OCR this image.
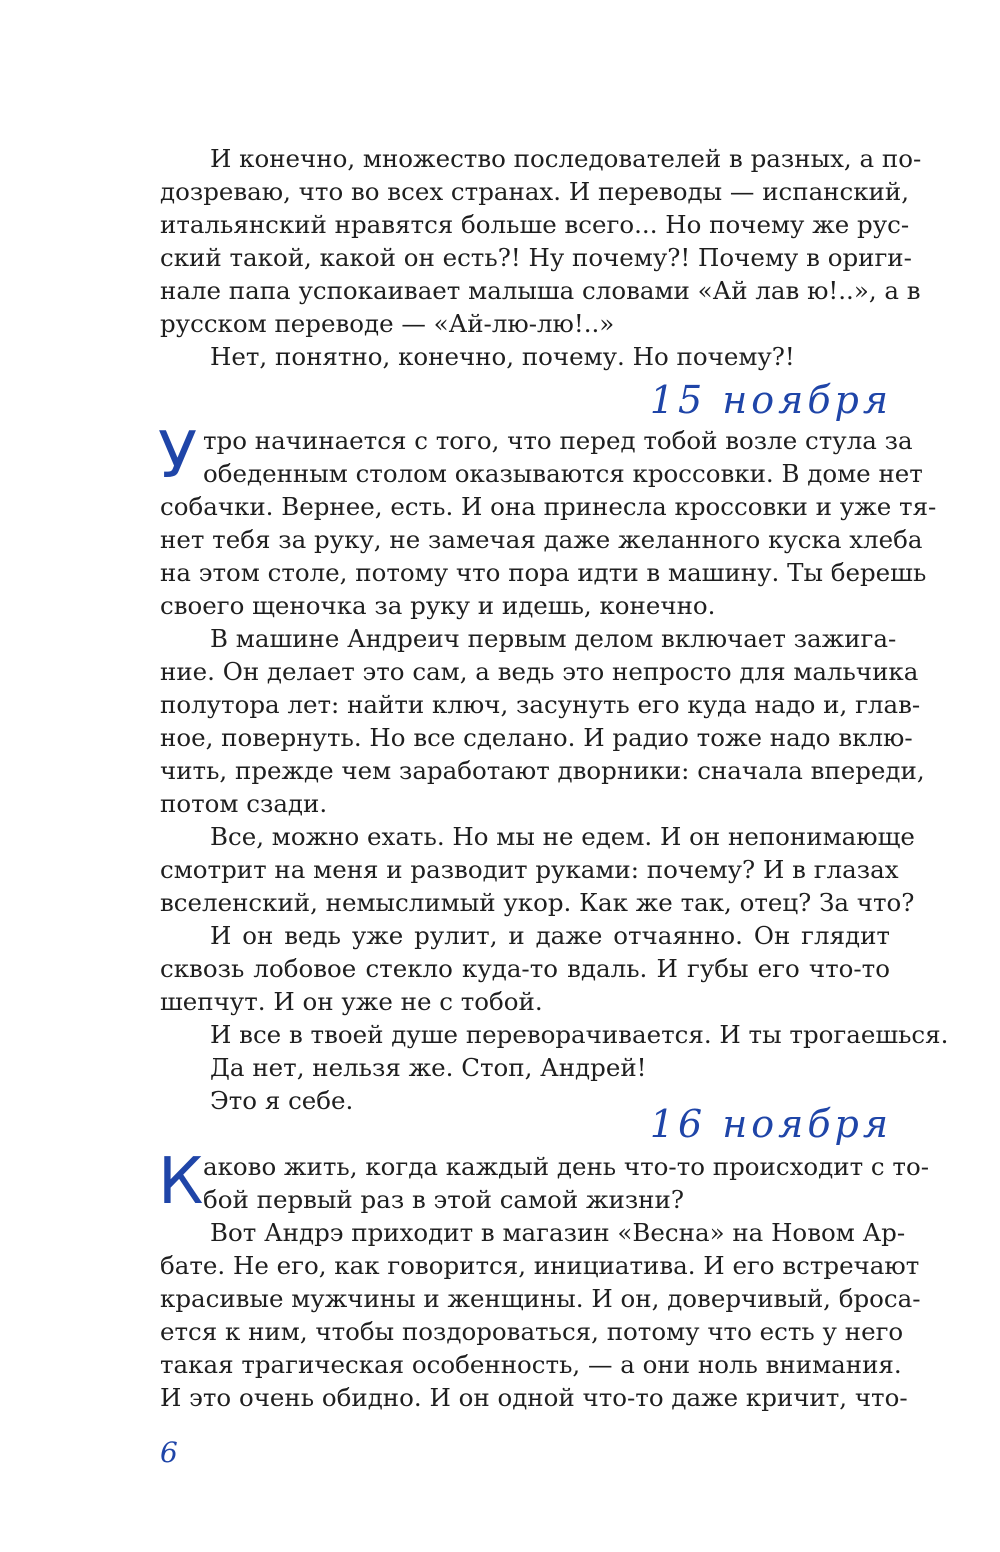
И конечно, множество последователей в разных, а по-
дозреваю, что во всех странах. И переводы — испанский,
итальянский нравятся больше всего... Но почему же рус-
ский такой, какой он есть?! Ну почему?! Почему в ориги-
нале папа успокаивает малыша словами «Ай лав ю!..», а в
русском переводе — «Ай-лю-лю!..»
Нет, понятно, конечно, почему. Но почему?!
15 ноября
У тро начинается с того, что перед тобой возле стула за
обеденным столом оказываются кроссовки. В доме нет
собачки. Вернее, есть. И она принесла кроссовки и уже тя-
нет тебя за руку, не замечая даже желанного куска хлеба
на этом столе, потому что пора идти в машину. Ты берешь
своего щеночка за руку и идешь, конечно.
В машине Андреич первым делом включает зажига-
ние. Он делает это сам, а ведь это непросто для мальчика
полутора лет: найти ключ, засунуть его куда надо и, глав-
ное, повернуть. Но все сделано. И радио тоже надо вклю-
чить, прежде чем заработают дворники: сначала впереди,
потом сзади.
Все, можно ехать. Но мы не едем. И он непонимающе
смотрит на меня и разводит руками: почему? И в глазах
вселенский, немыслимый укор. Как же так, отец? За что?
И он ведь уже рулит, и даже отчаянно. Он глядит
сквозь лобовое стекло куда-то вдаль. И губы его что-то
шепчут. И он уже не с тобой.
И все в твоей душе переворачивается. И ты трогаешься.
Да нет, нельзя же. Стоп, Андрей!
Это я себе.
16 ноября
К аково жить, когда каждый день что-то происходит с то-
бой первый раз в этой самой жизни?
Вот Андрэ приходит в магазин «Весна» на Новом Ар-
бате. Не его, как говорится, инициатива. И его встречают
красивые мужчины и женщины. И он, доверчивый, броса-
ется к ним, чтобы поздороваться, потому что есть у него
такая трагическая особенность, — а они ноль внимания.
И это очень обидно. И он одной что-то даже кричит, что-
6
